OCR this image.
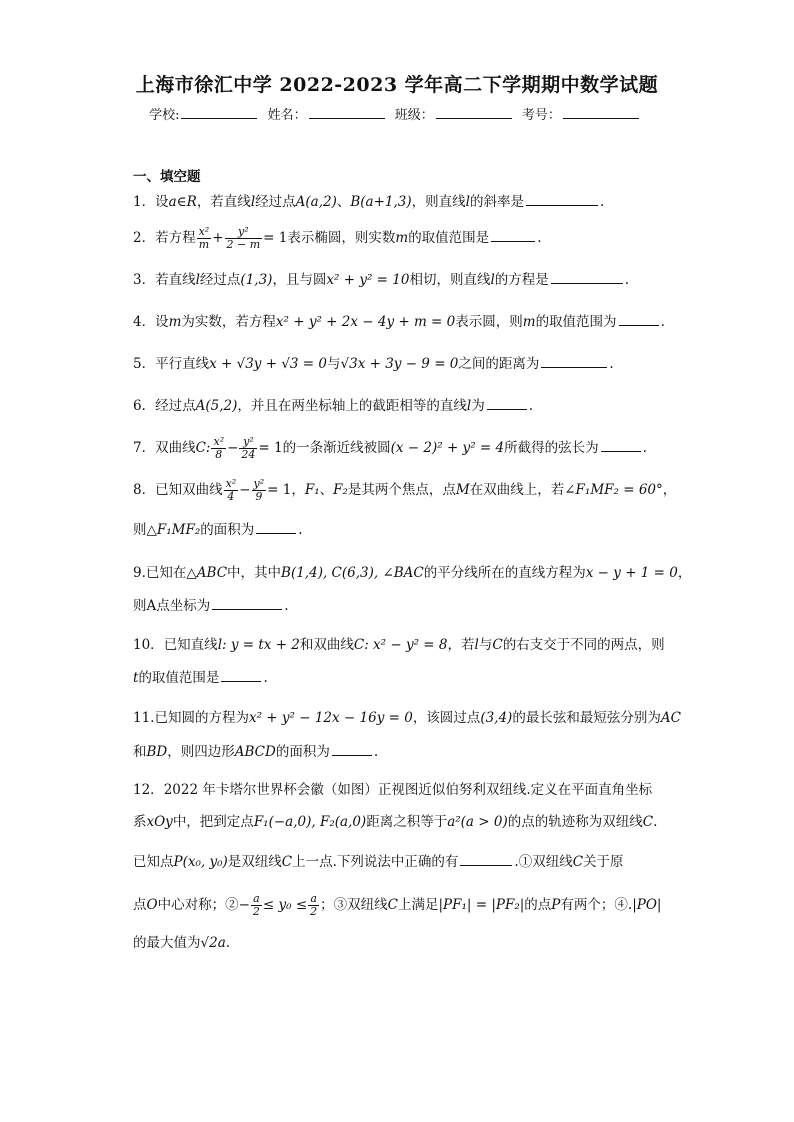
上海市徐汇中学 2022-2023 学年高二下学期期中数学试题
学校:	姓名：	班级：	考号：
一、填空题
1．设a∈R，若直线l经过点A(a,2)、B(a+1,3)，则直线l的斜率是	.
2．若方程 $\frac{\text{x²}}{m} + \frac{\text{y²}}{2 - m} = 1$表示椭圆，则实数m的取值范围是	.
3．若直线l经过点(1,3)，且与圆x² + y² = 10相切，则直线l的方程是	.
4．设m为实数，若方程x² + y² + 2x − 4y + m = 0表示圆，则m的取值范围为	.
5．平行直线x + √3y + √3 = 0与√3x + 3y − 9 = 0之间的距离为	.
6．经过点A(5,2)，并且在两坐标轴上的截距相等的直线l为	.
7．双曲线C: $\frac{\text{x²}}{8} - \frac{\text{y²}}{24} = 1$的一条渐近线被圆(x − 2)² + y² = 4所截得的弦长为	.
8．已知双曲线 $\frac{\text{x²}}{4} - \frac{\text{y²}}{9} = 1$，F₁、F₂是其两个焦点，点M在双曲线上，若∠F₁MF₂ = 60°，
则△F₁MF₂的面积为	.
9.已知在△ABC中，其中B(1,4), C(6,3), ∠BAC的平分线所在的直线方程为x − y + 1 = 0，
则A点坐标为	.
10．已知直线l: y = tx + 2和双曲线C: x² − y² = 8，若l与C的右支交于不同的两点，则
t的取值范围是	.
11.已知圆的方程为x² + y² − 12x − 16y = 0，该圆过点(3,4)的最长弦和最短弦分别为AC
和BD，则四边形ABCD的面积为	.
12．2022 年卡塔尔世界杯会徽（如图）正视图近似伯努利双纽线.定义在平面直角坐标
系xOy中，把到定点F₁(−a,0), F₂(a,0)距离之积等于a²(a > 0)的点的轨迹称为双纽线C.
已知点P(x₀, y₀)是双纽线C上一点.下列说法中正确的有	.①双纽线C关于原
点O中心对称；②− $\frac{a}{2} \le y_0 \le \frac{a}{2}$ ；③双纽线C上满足|PF₁| = |PF₂|的点P有两个；④.|PO|
的最大值为√2a.
